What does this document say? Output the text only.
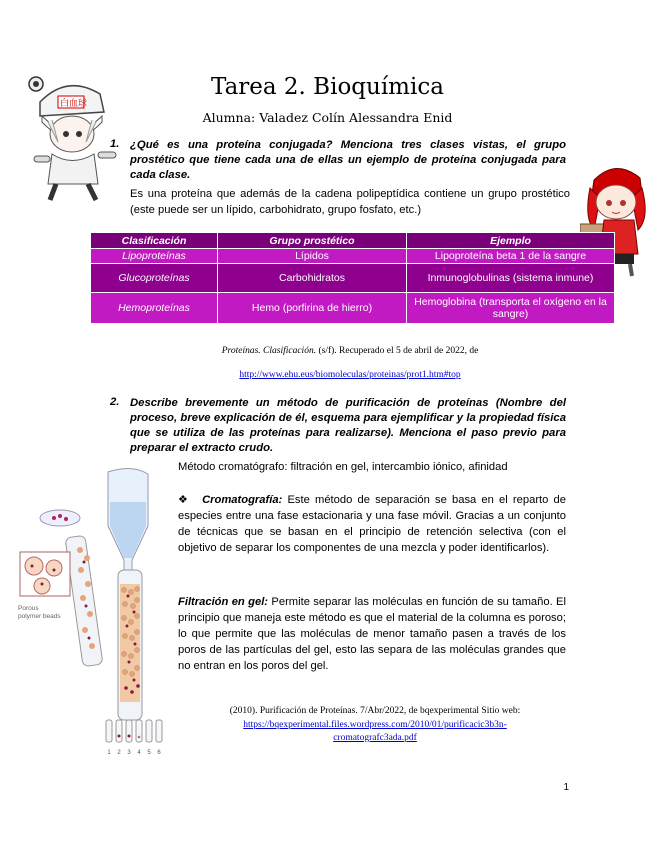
白血球
Tarea 2. Bioquímica
Alumna: Valadez Colín Alessandra Enid
1. ¿Qué es una proteína conjugada? Menciona tres clases vistas, el grupo prostético que tiene cada una de ellas un ejemplo de proteína conjugada para cada clase.
Es una proteína que además de la cadena polipeptídica contiene un grupo prostético (este puede ser un lípido, carbohidrato, grupo fosfato, etc.)
Clasificación	Grupo prostético	Ejemplo
Lipoproteínas	Lípidos	Lipoproteína beta 1 de la sangre
Glucoproteínas	Carbohidratos	Inmunoglobulinas (sistema inmune)
Hemoproteínas	Hemo (porfirina de hierro)	Hemoglobina (transporta el oxígeno en la sangre)
Proteínas. Clasificación. (s/f). Recuperado el 5 de abril de 2022, de
http://www.ehu.eus/biomoleculas/proteinas/prot1.htm#top
2. Describe brevemente un método de purificación de proteínas (Nombre del proceso, breve explicación de él, esquema para ejemplificar y la propiedad física que se utiliza de las proteínas para realizarse). Menciona el paso previo para preparar el extracto crudo.
Método cromatógrafo: filtración en gel, intercambio iónico, afinidad
❖ Cromatografía: Este método de separación se basa en el reparto de especies entre una fase estacionaria y una fase móvil. Gracias a un conjunto de técnicas que se basan en el principio de retención selectiva (con el objetivo de separar los componentes de una mezcla y poder identificarlos).
Filtración en gel: Permite separar las moléculas en función de su tamaño. El principio que maneja este método es que el material de la columna es poroso; lo que permite que las moléculas de menor tamaño pasen a través de los poros de las partículas del gel, esto las separa de las moléculas grandes que no entran en los poros del gel.
Porous
polymer beads
1 2 3 4 5 6
(2010). Purificación de Proteínas. 7/Abr/2022, de bqexperimental Sitio web:
https://bqexperimental.files.wordpress.com/2010/01/purificacic3b3n-
cromatografc3ada.pdf
1
